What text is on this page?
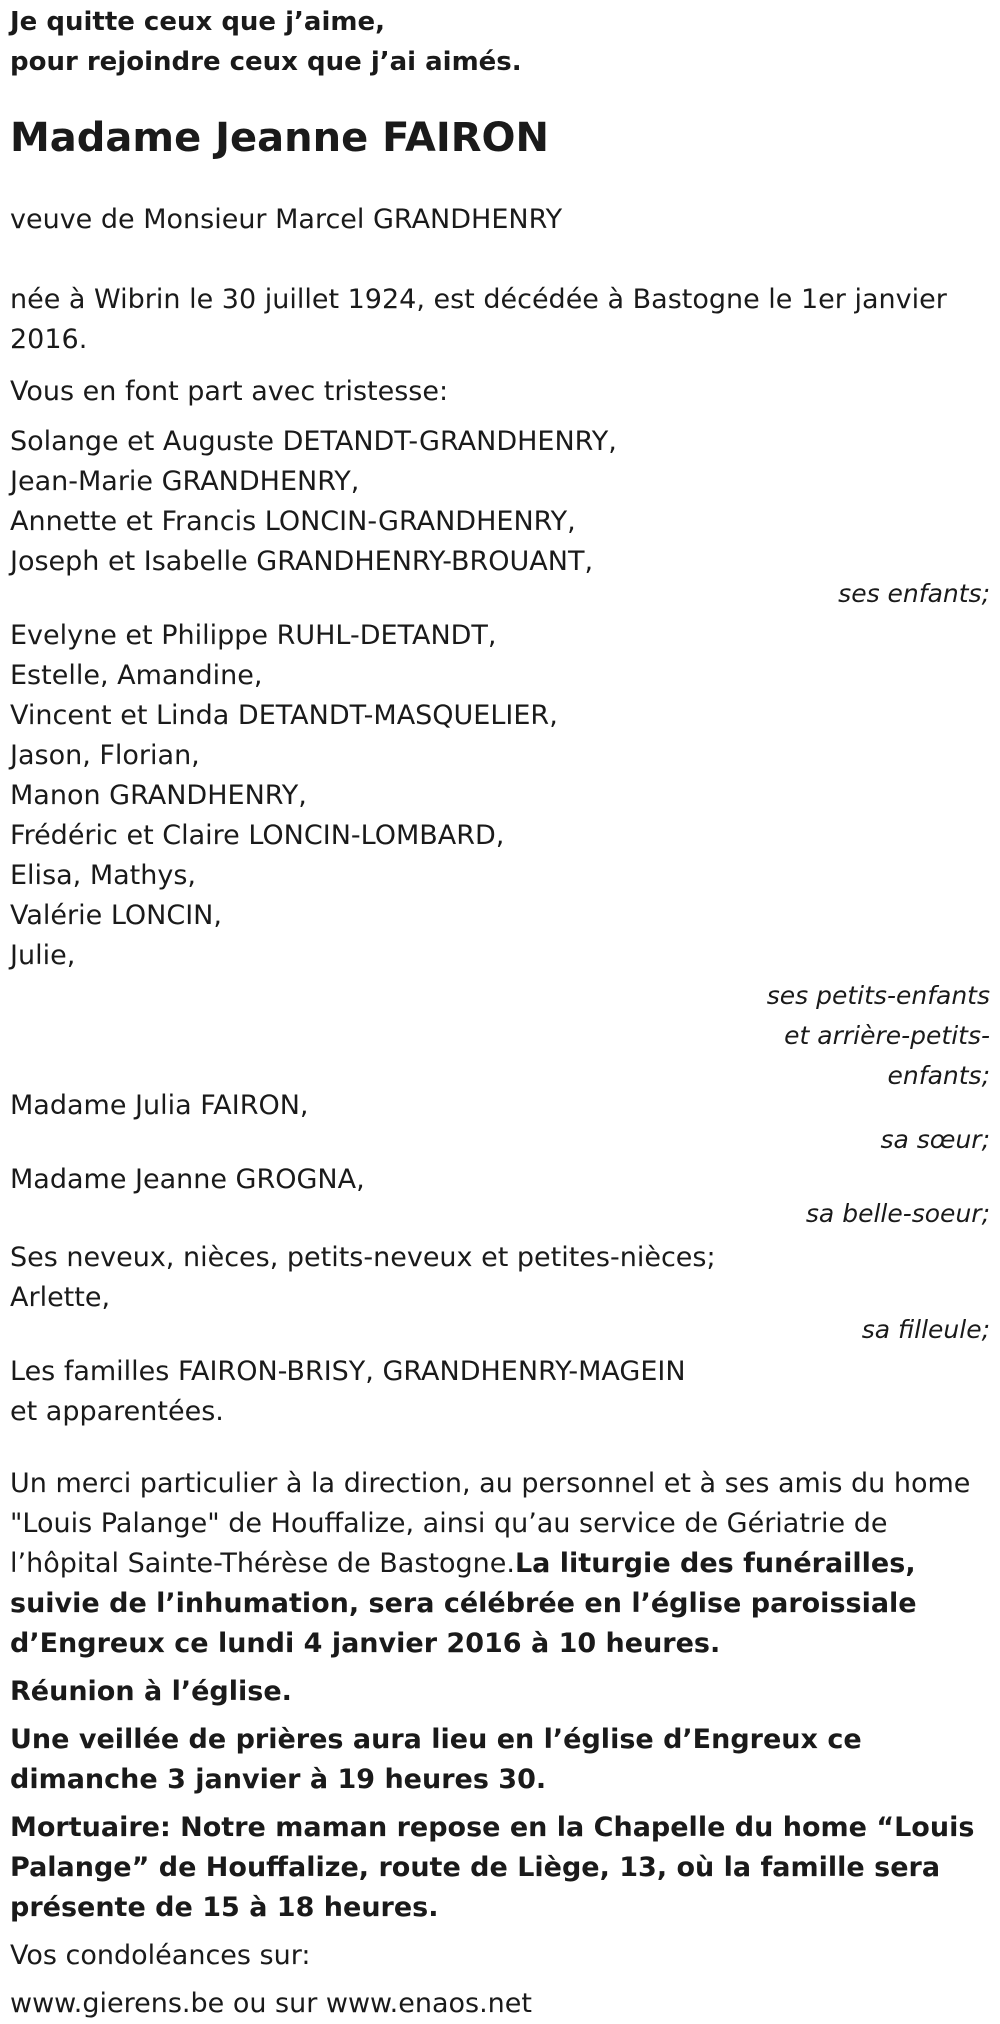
Je quitte ceux que j’aime,
pour rejoindre ceux que j’ai aimés.
Madame Jeanne FAIRON
veuve de Monsieur Marcel GRANDHENRY
née à Wibrin le 30 juillet 1924, est décédée à Bastogne le 1er janvier 2016.
Vous en font part avec tristesse:
Solange et Auguste DETANDT-GRANDHENRY,
Jean-Marie GRANDHENRY,
Annette et Francis LONCIN-GRANDHENRY,
Joseph et Isabelle GRANDHENRY-BROUANT,
ses enfants;
Evelyne et Philippe RUHL-DETANDT,
Estelle, Amandine,
Vincent et Linda DETANDT-MASQUELIER,
Jason, Florian,
Manon GRANDHENRY,
Frédéric et Claire LONCIN-LOMBARD,
Elisa, Mathys,
Valérie LONCIN,
Julie,
ses petits-enfants
et arrière-petits-
enfants;
Madame Julia FAIRON,
sa sœur;
Madame Jeanne GROGNA,
sa belle-soeur;
Ses neveux, nièces, petits-neveux et petites-nièces;
Arlette,
sa filleule;
Les familles FAIRON-BRISY, GRANDHENRY-MAGEIN
et apparentées.
Un merci particulier à la direction, au personnel et à ses amis du home "Louis Palange" de Houffalize, ainsi qu’au service de Gériatrie de l’hôpital Sainte-Thérèse de Bastogne.La liturgie des funérailles, suivie de l’inhumation, sera célébrée en l’église paroissiale d’Engreux ce lundi 4 janvier 2016 à 10 heures.
Réunion à l’église.
Une veillée de prières aura lieu en l’église d’Engreux ce dimanche 3 janvier à 19 heures 30.
Mortuaire: Notre maman repose en la Chapelle du home “Louis Palange” de Houffalize, route de Liège, 13, où la famille sera présente de 15 à 18 heures.
Vos condoléances sur:
www.gierens.be ou sur www.enaos.net
